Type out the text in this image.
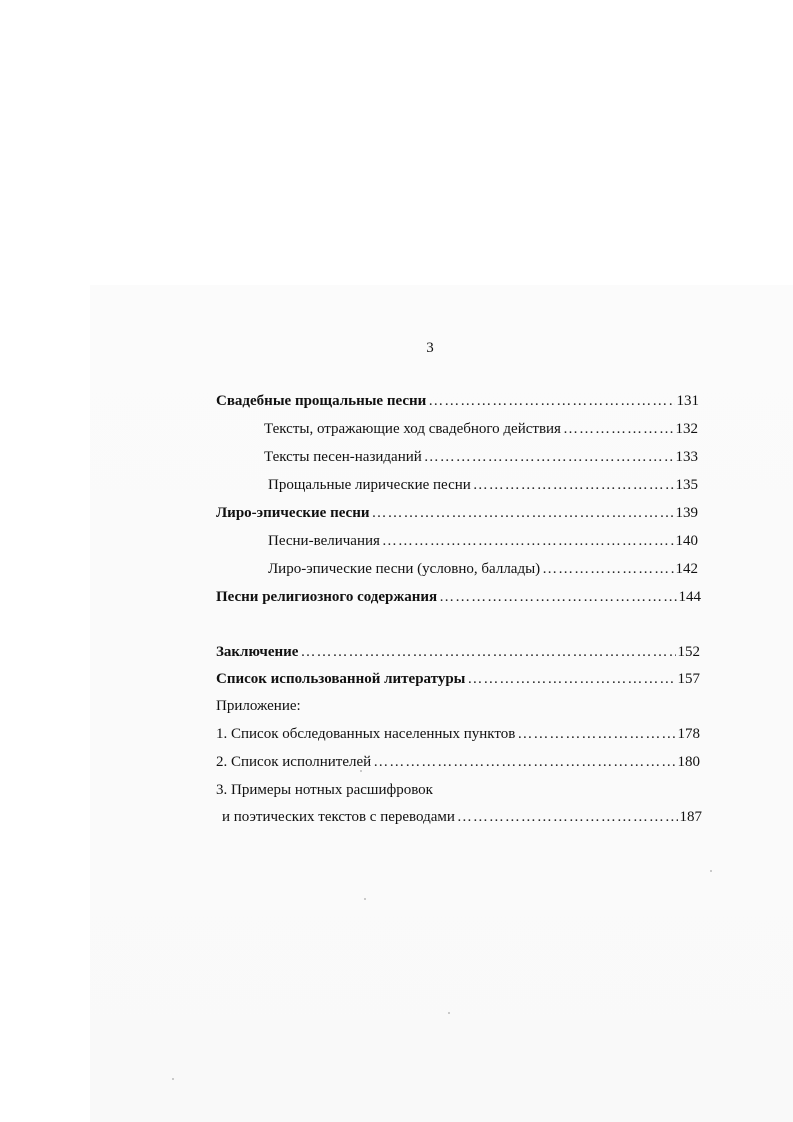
3
Свадебные прощальные песни …………………………………………………………………………………………………………………………………………………	131
Тексты, отражающие ход свадебного действия …………………………………………………………………………………………………………………………………………………	132
Тексты песен-назиданий …………………………………………………………………………………………………………………………………………………	133
Прощальные лирические песни …………………………………………………………………………………………………………………………………………………	135
Лиро-эпические песни …………………………………………………………………………………………………………………………………………………	139
Песни-величания …………………………………………………………………………………………………………………………………………………	140
Лиро-эпические песни (условно, баллады) …………………………………………………………………………………………………………………………………………………	142
Песни религиозного содержания …………………………………………………………………………………………………………………………………………………	144
Заключение …………………………………………………………………………………………………………………………………………………	152
Список использованной литературы …………………………………………………………………………………………………………………………………………………	157
Приложение:
1. Список обследованных населенных пунктов …………………………………………………………………………………………………………………………………………………	178
2. Список исполнителей …………………………………………………………………………………………………………………………………………………	180
3. Примеры нотных расшифровок
и поэтических текстов с переводами …………………………………………………………………………………………………………………………………………………	187
